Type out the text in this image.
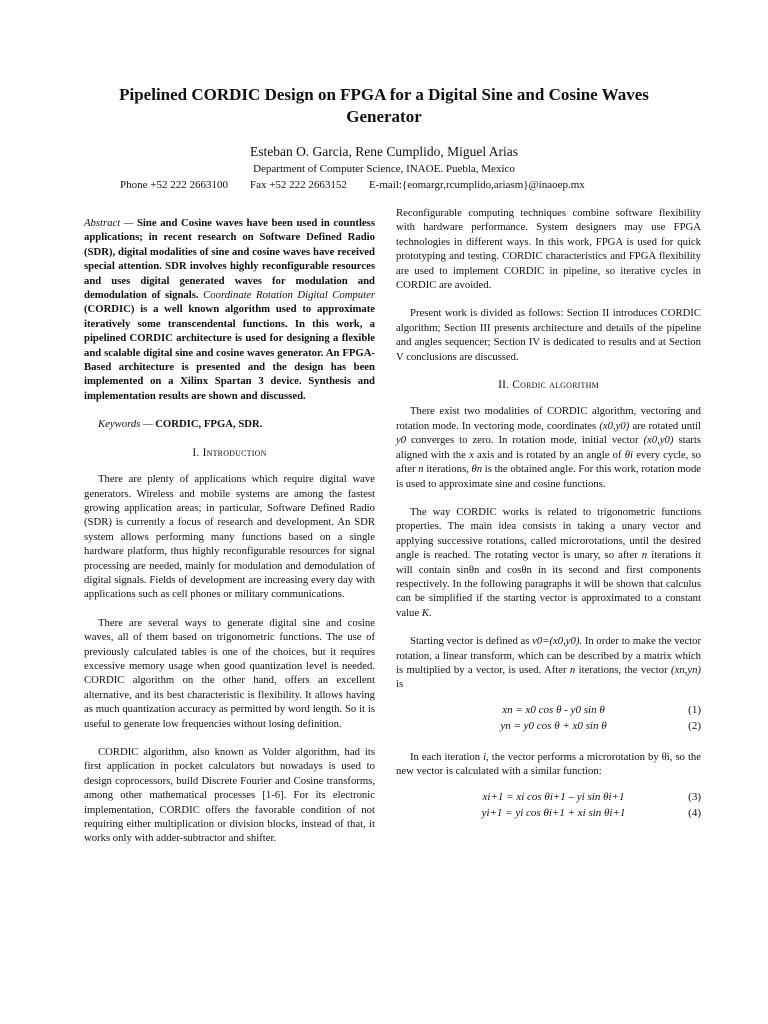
Pipelined CORDIC Design on FPGA for a Digital Sine and Cosine Waves Generator
Esteban O. Garcia, Rene Cumplido, Miguel Arias
Department of Computer Science, INAOE. Puebla, Mexico
Phone +52 222 2663100 Fax +52 222 2663152 E-mail:{eomargr,rcumplido,ariasm}@inaoep.mx

Abstract — Sine and Cosine waves have been used in countless applications; in recent research on Software Defined Radio (SDR), digital modalities of sine and cosine waves have received special attention. SDR involves highly reconfigurable resources and uses digital generated waves for modulation and demodulation of signals. Coordinate Rotation Digital Computer (CORDIC) is a well known algorithm used to approximate iteratively some transcendental functions. In this work, a pipelined CORDIC architecture is used for designing a flexible and scalable digital sine and cosine waves generator. An FPGA-Based architecture is presented and the design has been implemented on a Xilinx Spartan 3 device. Synthesis and implementation results are shown and discussed.

Keywords — CORDIC, FPGA, SDR.

I. Introduction

There are plenty of applications which require digital wave generators. Wireless and mobile systems are among the fastest growing application areas; in particular, Software Defined Radio (SDR) is currently a focus of research and development. An SDR system allows performing many functions based on a single hardware platform, thus highly reconfigurable resources for signal processing are needed, mainly for modulation and demodulation of digital signals. Fields of development are increasing every day with applications such as cell phones or military communications.

There are several ways to generate digital sine and cosine waves, all of them based on trigonometric functions. The use of previously calculated tables is one of the choices, but it requires excessive memory usage when good quantization level is needed. CORDIC algorithm on the other hand, offers an excellent alternative, and its best characteristic is flexibility. It allows having as much quantization accuracy as permitted by word length. So it is useful to generate low frequencies without losing definition.

CORDIC algorithm, also known as Volder algorithm, had its first application in pocket calculators but nowadays is used to design coprocessors, build Discrete Fourier and Cosine transforms, among other mathematical processes [1-6]. For its electronic implementation, CORDIC offers the favorable condition of not requiring either multiplication or division blocks, instead of that, it works only with adder-subtractor and shifter.

Reconfigurable computing techniques combine software flexibility with hardware performance. System designers may use FPGA technologies in different ways. In this work, FPGA is used for quick prototyping and testing. CORDIC characteristics and FPGA flexibility are used to implement CORDIC in pipeline, so iterative cycles in CORDIC are avoided.

Present work is divided as follows: Section II introduces CORDIC algorithm; Section III presents architecture and details of the pipeline and angles sequencer; Section IV is dedicated to results and at Section V conclusions are discussed.

II. Cordic algorithm

There exist two modalities of CORDIC algorithm, vectoring and rotation mode. In vectoring mode, coordinates (x0,y0) are rotated until y0 converges to zero. In rotation mode, initial vector (x0,y0) starts aligned with the x axis and is rotated by an angle of θi every cycle, so after n iterations, θn is the obtained angle. For this work, rotation mode is used to approximate sine and cosine functions.

The way CORDIC works is related to trigonometric functions properties. The main idea consists in taking a unary vector and applying successive rotations, called microrotations, until the desired angle is reached. The rotating vector is unary, so after n iterations it will contain sinθn and cosθn in its second and first components respectively. In the following paragraphs it will be shown that calculus can be simplified if the starting vector is approximated to a constant value K.

Starting vector is defined as v0=(x0,y0). In order to make the vector rotation, a linear transform, which can be described by a matrix which is multiplied by a vector, is used. After n iterations, the vector (xn,yn) is

xn = x0 cos θ - y0 sin θ	(1)
yn = y0 cos θ + x0 sin θ	(2)

In each iteration i, the vector performs a microrotation by θi, so the new vector is calculated with a similar function:

xi+1 = xi cos θi+1 – yi sin θi+1	(3)
yi+1 = yi cos θi+1 + xi sin θi+1	(4)
